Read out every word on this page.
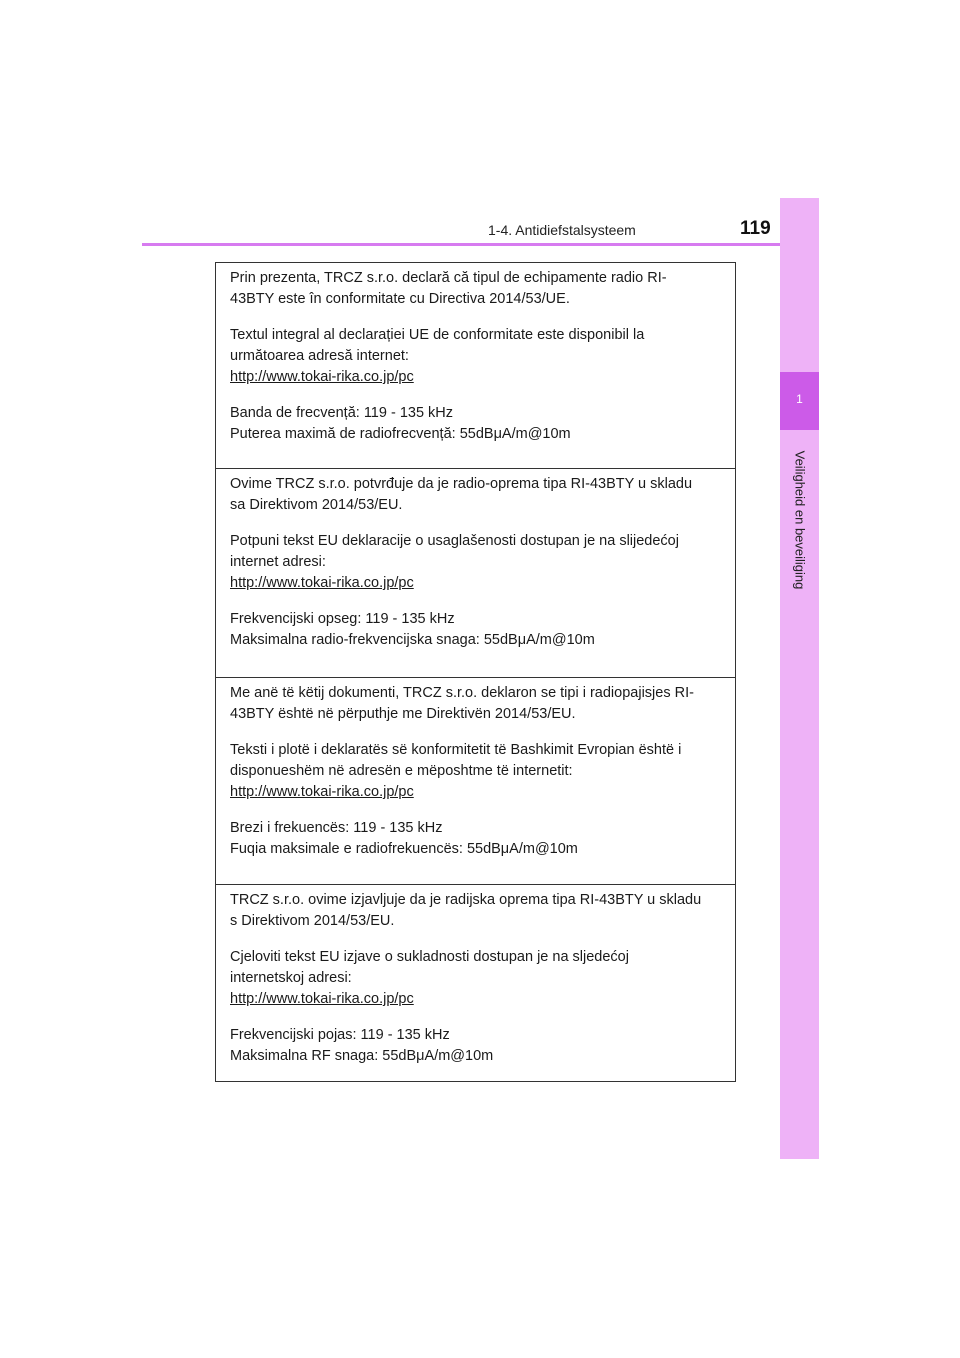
1-4. Antidiefstalsysteem	119
1
Veiligheid en beveiliging

Prin prezenta, TRCZ s.r.o. declară că tipul de echipamente radio RI-43BTY este în conformitate cu Directiva 2014/53/UE.

Textul integral al declarației UE de conformitate este disponibil la următoarea adresă internet:

http://www.tokai-rika.co.jp/pc

Banda de frecvență: 119 - 135 kHz

Puterea maximă de radiofrecvență: 55dBμA/m@10m

Ovime TRCZ s.r.o. potvrđuje da je radio-oprema tipa RI-43BTY u skladu sa Direktivom 2014/53/EU.

Potpuni tekst EU deklaracije o usaglašenosti dostupan je na slijedećoj internet adresi:

http://www.tokai-rika.co.jp/pc

Frekvencijski opseg: 119 - 135 kHz

Maksimalna radio-frekvencijska snaga: 55dBμA/m@10m

Me anë të këtij dokumenti, TRCZ s.r.o. deklaron se tipi i radiopajisjes RI-43BTY është në përputhje me Direktivën 2014/53/EU.

Teksti i plotë i deklaratës së konformitetit të Bashkimit Evropian është i disponueshëm në adresën e mëposhtme të internetit:

http://www.tokai-rika.co.jp/pc

Brezi i frekuencës: 119 - 135 kHz

Fuqia maksimale e radiofrekuencës: 55dBμA/m@10m

TRCZ s.r.o. ovime izjavljuje da je radijska oprema tipa RI-43BTY u skladu s Direktivom 2014/53/EU.

Cjeloviti tekst EU izjave o sukladnosti dostupan je na sljedećoj internetskoj adresi:

http://www.tokai-rika.co.jp/pc

Frekvencijski pojas: 119 - 135 kHz

Maksimalna RF snaga: 55dBμA/m@10m
